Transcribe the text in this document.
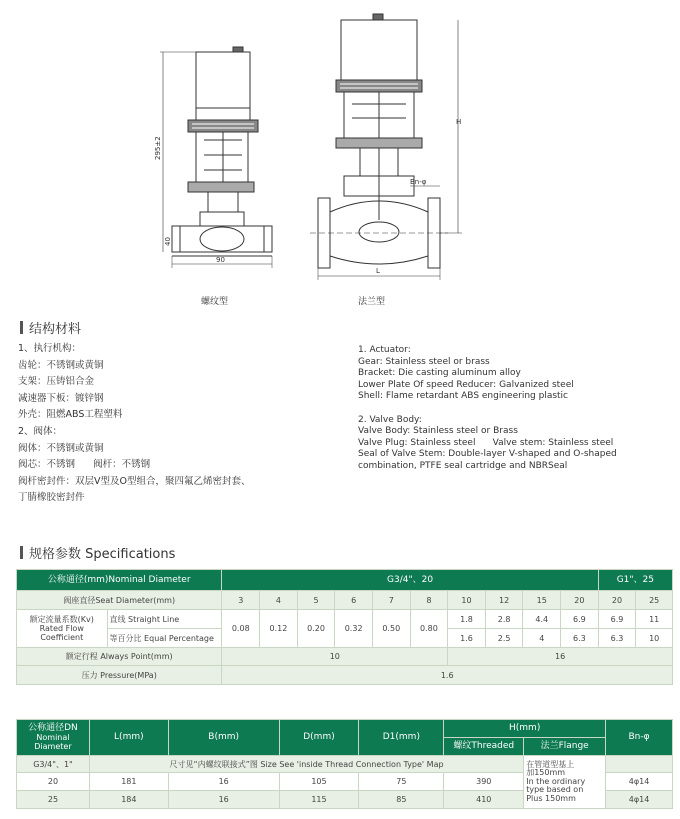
295±2
90
40
H
L
Bn-φ
螺纹型	法兰型
结构材料
1、执行机构：
齿轮：不锈钢或黄铜
支架：压铸铝合金
减速器下板：镀锌钢
外壳：阻燃ABS工程塑料
2、阀体：
阀体：不锈钢或黄铜
阀芯：不锈钢      阀杆：不锈钢
阀杆密封件：双层V型及O型组合，聚四氟乙烯密封套、
丁腈橡胶密封件
1. Actuator:
Gear: Stainless steel or brass
Bracket: Die casting aluminum alloy
Lower Plate Of speed Reducer: Galvanized steel
Shell: Flame retardant ABS engineering plastic
2. Valve Body:
Valve Body: Stainless steel or Brass
Valve Plug: Stainless steel      Valve stem: Stainless steel
Seal of Valve Stem: Double-layer V-shaped and O-shaped
combination, PTFE seal cartridge and NBRSeal
规格参数 Specifications
公称通径(mm)Nominal Diameter		G3/4"、20										G1"、25	
阀座直径Seat Diameter(mm)		3	4	5	6	7	8	10	12	15	20	20	25

额定流量系数(Kv)
Rated Flow
Coefficient	直线 Straight Line	0.08	0.12	0.20	0.32	0.50	0.80	1.8	2.8	4.4	6.9	6.9	11
	等百分比 Equal Percentage							1.6	2.5	4	6.3	6.3	10
额定行程 Always Point(mm)		10						16					
压力 Pressure(MPa)		1.6											
公称通径DN
Nominal Diameter	L(mm)	B(mm)	D(mm)	D1(mm)	H(mm)		Bn-φ
					螺纹Threaded	法兰Flange	
G3/4"、1"	尺寸见“内螺纹联接式”图 Size See 'inside Thread Connection Type' Map					在管道型基上
加150mm
In the ordinary
type based on
Plus 150mm	

20	181	16	105	75	390		4φ14
25	184	16	115	85	410		4φ14
